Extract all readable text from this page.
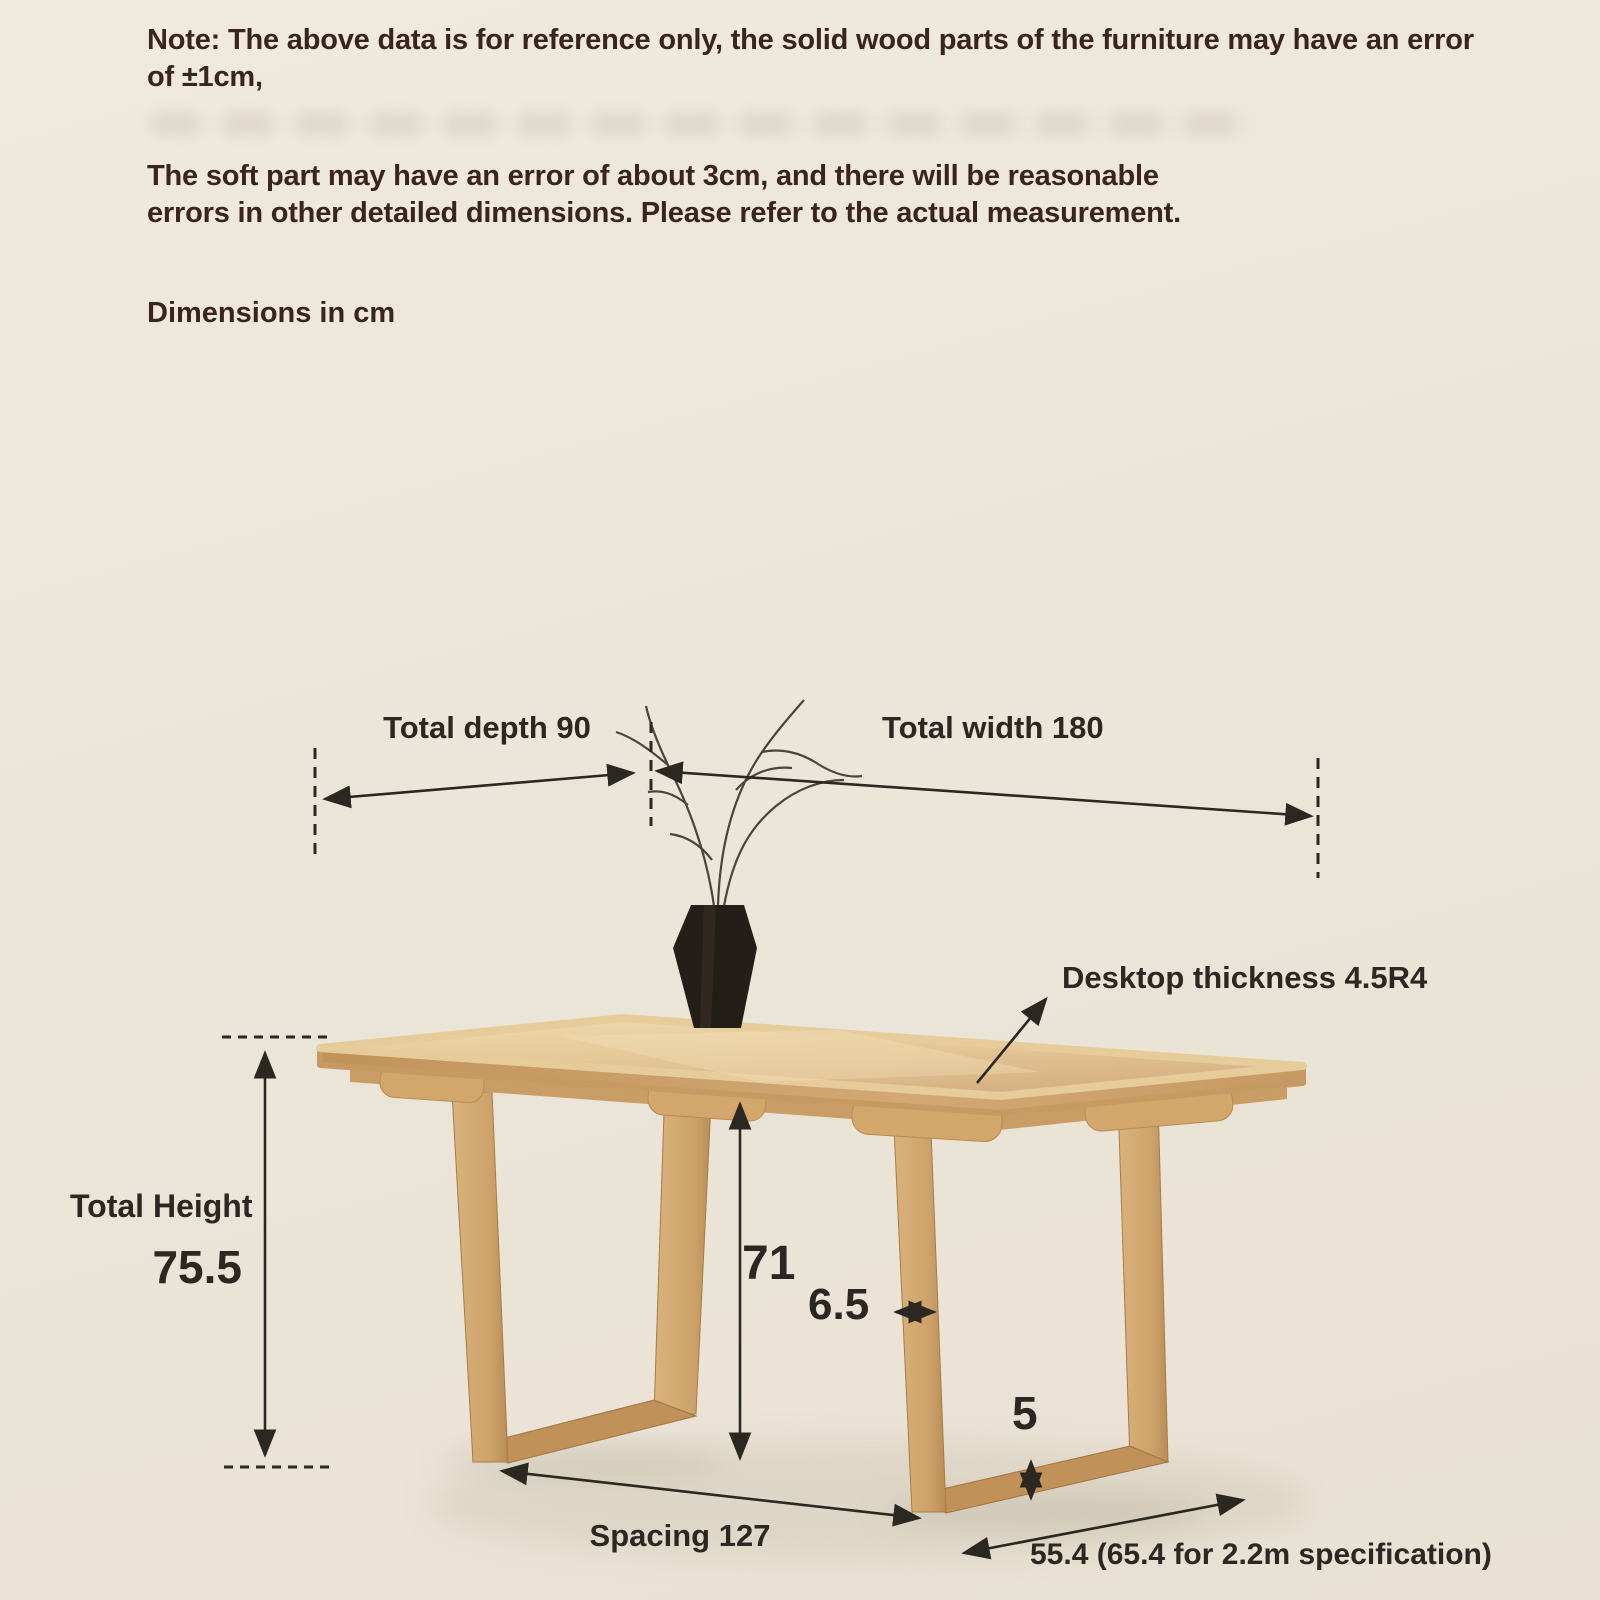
Note: The above data is for reference only, the solid wood parts of the furniture may have an error
of ±1cm,
The soft part may have an error of about 3cm, and there will be reasonable
errors in other detailed dimensions. Please refer to the actual measurement.
Dimensions in cm
Total depth 90	Total width 180
Desktop thickness 4.5R4
Total Height
75.5	71
6.5
5
Spacing 127
55.4 (65.4 for 2.2m specification)
